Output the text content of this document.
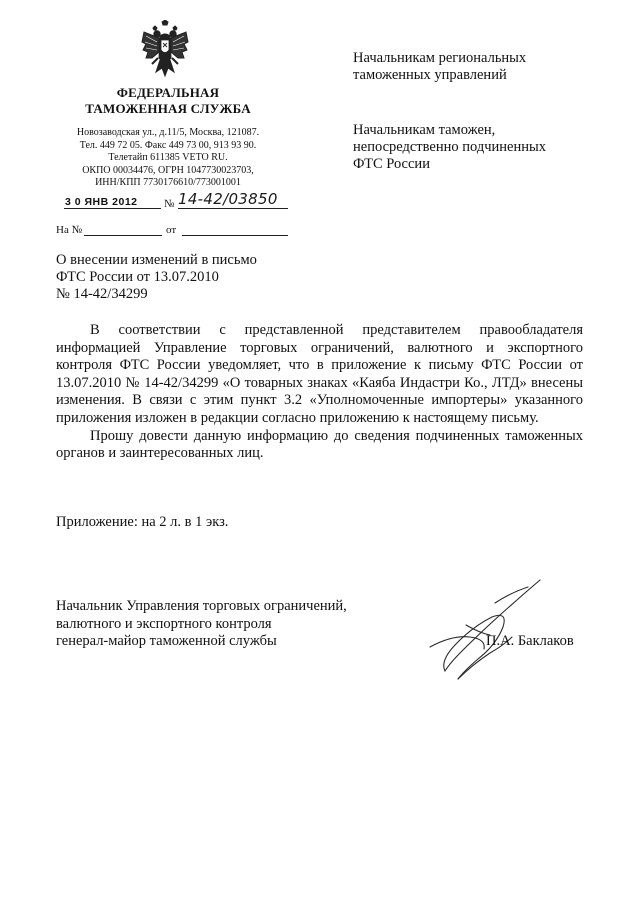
ФЕДЕРАЛЬНАЯ
ТАМОЖЕННАЯ СЛУЖБА
Новозаводская ул., д.11/5, Москва, 121087.
Тел. 449 72 05. Факс 449 73 00, 913 93 90.
Телетайп 611385 VETO RU.
ОКПО 00034476, ОГРН 1047730023703,
ИНН/КПП 7730176610/773001001
3 0 ЯНВ 2012	№ 14-42/03850
На №	от
Начальникам региональных
таможенных управлений
Начальникам таможен,
непосредственно подчиненных
ФТС России
О внесении изменений в письмо
ФТС России от 13.07.2010
№ 14-42/34299

В соответствии с представленной представителем правообладателя информацией Управление торговых ограничений, валютного и экспортного контроля ФТС России уведомляет, что в приложение к письму ФТС России от 13.07.2010 № 14-42/34299 «О товарных знаках «Каяба Индастри Ко., ЛТД» внесены изменения. В связи с этим пункт 3.2 «Уполномоченные импортеры» указанного приложения изложен в редакции согласно приложению к настоящему письму.

Прошу довести данную информацию до сведения подчиненных таможенных органов и заинтересованных лиц.

Приложение: на 2 л. в 1 экз.
Начальник Управления торговых ограничений,
валютного и экспортного контроля
генерал-майор таможенной службы	П.А. Баклаков
